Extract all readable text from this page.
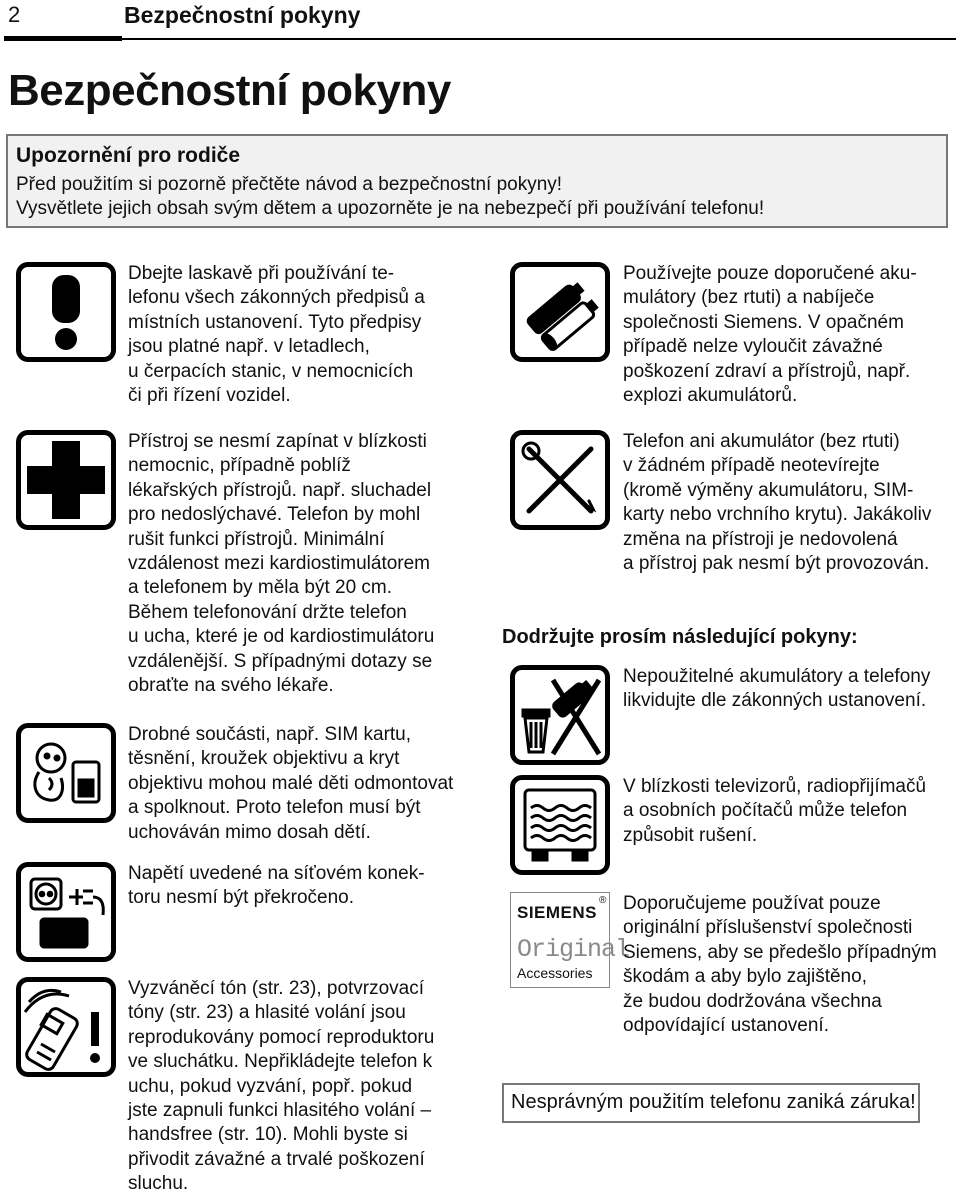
2	Bezpečnostní pokyny
Bezpečnostní pokyny
Upozornění pro rodiče
Před použitím si pozorně přečtěte návod a bezpečnostní pokyny!
Vysvětlete jejich obsah svým dětem a upozorněte je na nebezpečí při používání telefonu!
Dbejte laskavě při používání te-
lefonu všech zákonných předpisů a
místních ustanovení. Tyto předpisy
jsou platné např. v letadlech,
u čerpacích stanic, v nemocnicích
či při řízení vozidel.
Přístroj se nesmí zapínat v blízkosti
nemocnic, případně poblíž
lékařských přístrojů. např. sluchadel
pro nedoslýchavé. Telefon by mohl
rušit funkci přístrojů. Minimální
vzdálenost mezi kardiostimulátorem
a telefonem by měla být 20 cm.
Během telefonování držte telefon
u ucha, které je od kardiostimulátoru
vzdálenější. S případnými dotazy se
obraťte na svého lékaře.
Drobné součásti, např. SIM kartu,
těsnění, kroužek objektivu a kryt
objektivu mohou malé děti odmontovat
a spolknout. Proto telefon musí být
uchováván mimo dosah dětí.
Napětí uvedené na síťovém konek-
toru nesmí být překročeno.
Vyzváněcí tón (str. 23), potvrzovací
tóny (str. 23) a hlasité volání jsou
reprodukovány pomocí reproduktoru
ve sluchátku. Nepřikládejte telefon k
uchu, pokud vyzvání, popř. pokud
jste zapnuli funkci hlasitého volání –
handsfree (str. 10). Mohli byste si
přivodit závažné a trvalé poškození
sluchu.
Používejte pouze doporučené aku-
mulátory (bez rtuti) a nabíječe
společnosti Siemens. V opačném
případě nelze vyloučit závažné
poškození zdraví a přístrojů, např.
explozi akumulátorů.
Telefon ani akumulátor (bez rtuti)
v žádném případě neotevírejte
(kromě výměny akumulátoru, SIM-
karty nebo vrchního krytu). Jakákoliv
změna na přístroji je nedovolená
a přístroj pak nesmí být provozován.
Dodržujte prosím následující pokyny:
Nepoužitelné akumulátory a telefony
likvidujte dle zákonných ustanovení.
V blízkosti televizorů, radiopřijímačů
a osobních počítačů může telefon
způsobit rušení.
SIEMENS
®
Original
Accessories
Doporučujeme používat pouze
originální příslušenství společnosti
Siemens, aby se předešlo případným
škodám a aby bylo zajištěno,
že budou dodržována všechna
odpovídající ustanovení.
Nesprávným použitím telefonu zaniká záruka!
